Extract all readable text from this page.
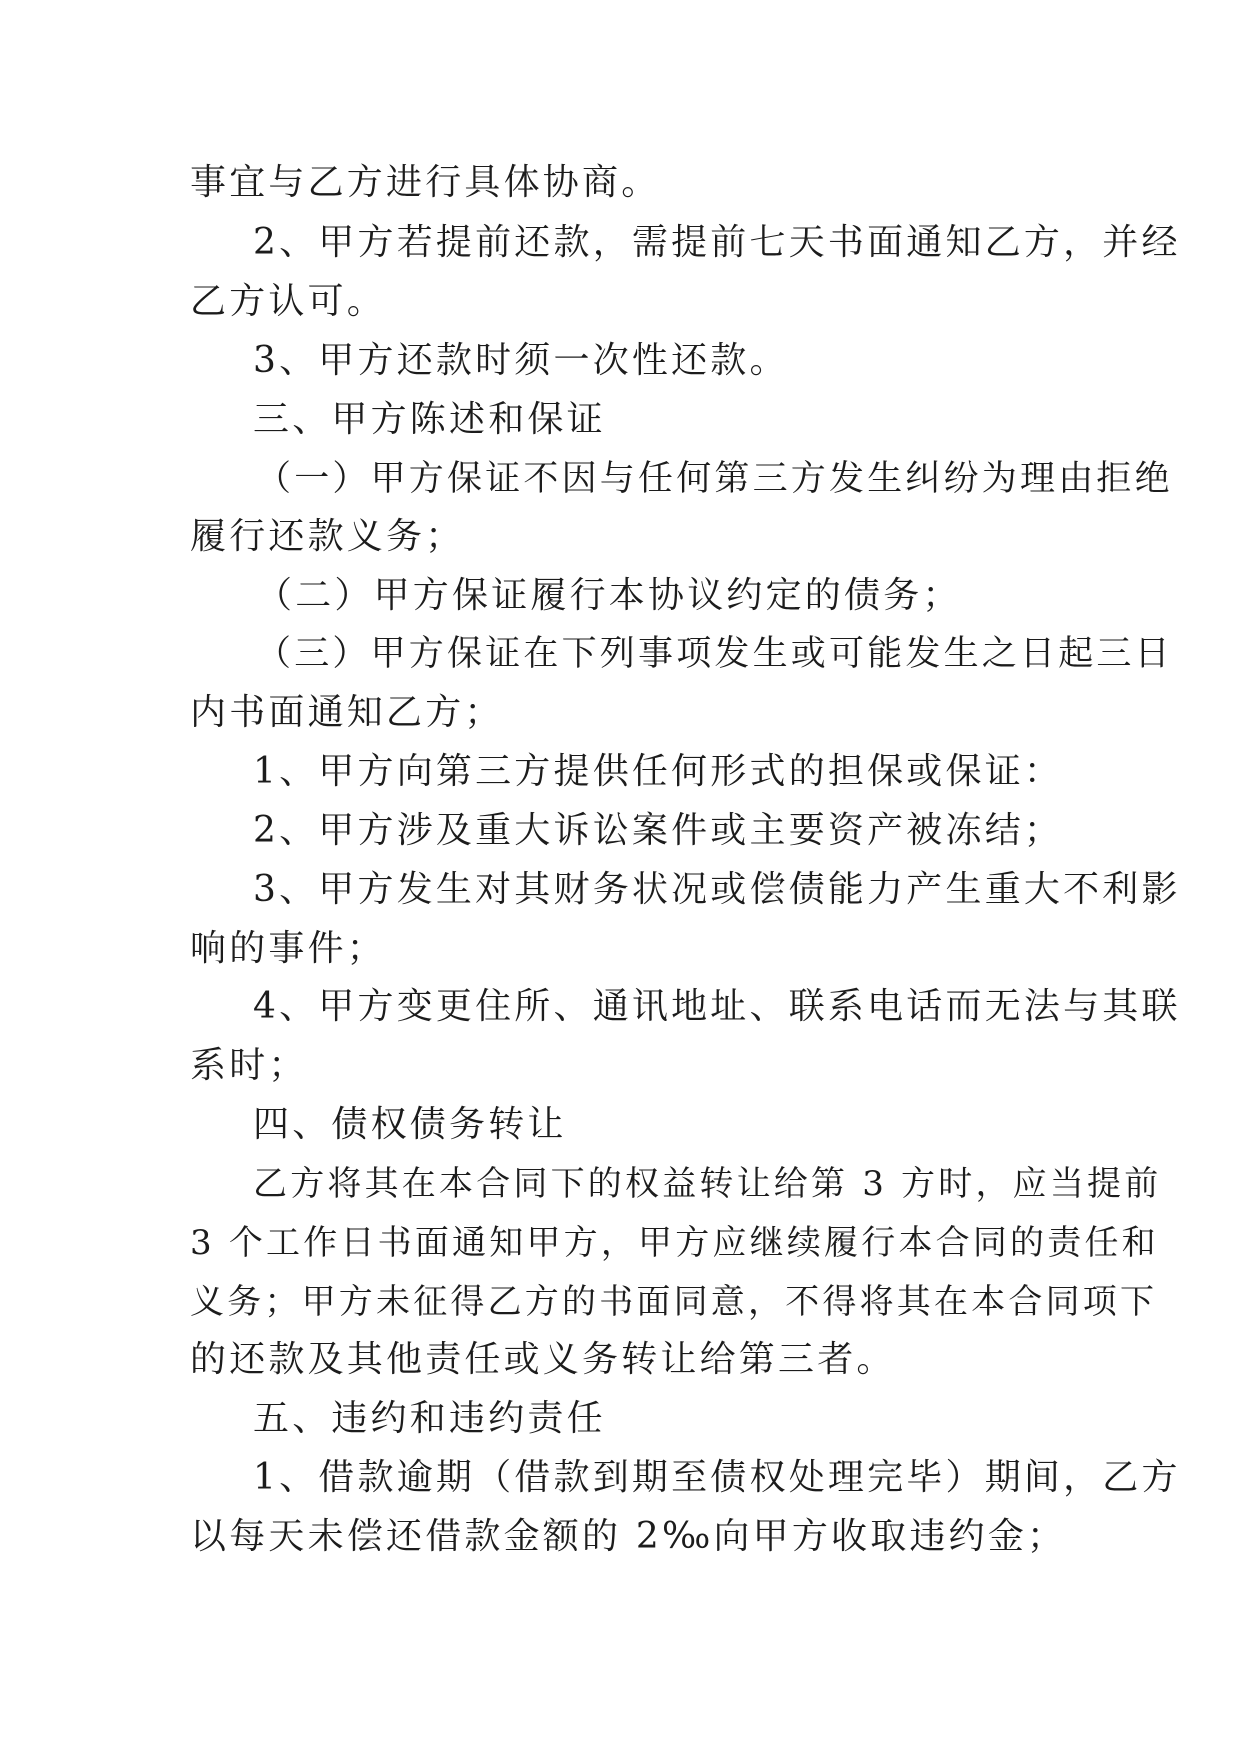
事宜与乙方进行具体协商。
2、甲方若提前还款，需提前七天书面通知乙方，并经
乙方认可。
3、甲方还款时须一次性还款。
三、甲方陈述和保证
（一）甲方保证不因与任何第三方发生纠纷为理由拒绝
履行还款义务；
（二）甲方保证履行本协议约定的债务；
（三）甲方保证在下列事项发生或可能发生之日起三日
内书面通知乙方；
1、甲方向第三方提供任何形式的担保或保证：
2、甲方涉及重大诉讼案件或主要资产被冻结；
3、甲方发生对其财务状况或偿债能力产生重大不利影
响的事件；
4、甲方变更住所、通讯地址、联系电话而无法与其联
系时；
四、债权债务转让
乙方将其在本合同下的权益转让给第 3 方时，应当提前
3 个工作日书面通知甲方，甲方应继续履行本合同的责任和
义务；甲方未征得乙方的书面同意，不得将其在本合同项下
的还款及其他责任或义务转让给第三者。
五、违约和违约责任
1、借款逾期（借款到期至债权处理完毕）期间，乙方
以每天未偿还借款金额的 2‰向甲方收取违约金；
